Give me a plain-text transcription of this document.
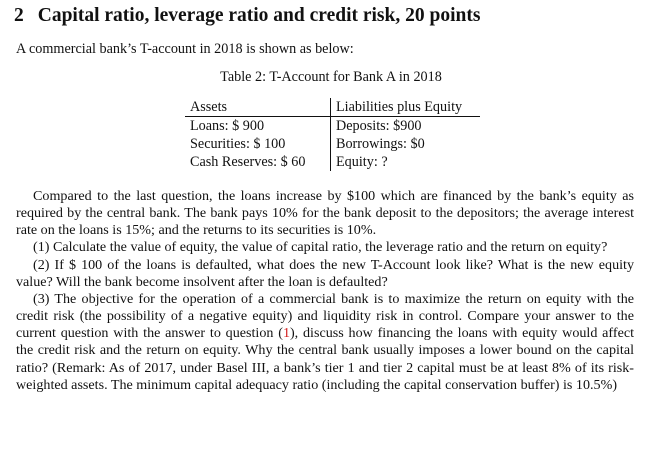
2 Capital ratio, leverage ratio and credit risk, 20 points

A commercial bank’s T-account in 2018 is shown as below:

Table 2: T-Account for Bank A in 2018
Assets	Liabilities plus Equity
Loans: $ 900	Deposits: $900
Securities: $ 100	Borrowings: $0
Cash Reserves: $ 60	Equity: ?

Compared to the last question, the loans increase by $100 which are financed by the bank’s equity as required by the central bank. The bank pays 10% for the bank deposit to the depositors; the average interest rate on the loans is 15%; and the returns to its securities is 10%.

(1) Calculate the value of equity, the value of capital ratio, the leverage ratio and the return on equity?

(2) If $ 100 of the loans is defaulted, what does the new T-Account look like? What is the new equity value? Will the bank become insolvent after the loan is defaulted?

(3) The objective for the operation of a commercial bank is to maximize the return on equity with the credit risk (the possibility of a negative equity) and liquidity risk in control. Compare your answer to the current question with the answer to question (1), discuss how financing the loans with equity would affect the credit risk and the return on equity. Why the central bank usually imposes a lower bound on the capital ratio? (Remark: As of 2017, under Basel III, a bank’s tier 1 and tier 2 capital must be at least 8% of its risk-weighted assets. The minimum capital adequacy ratio (including the capital conservation buffer) is 10.5%)
